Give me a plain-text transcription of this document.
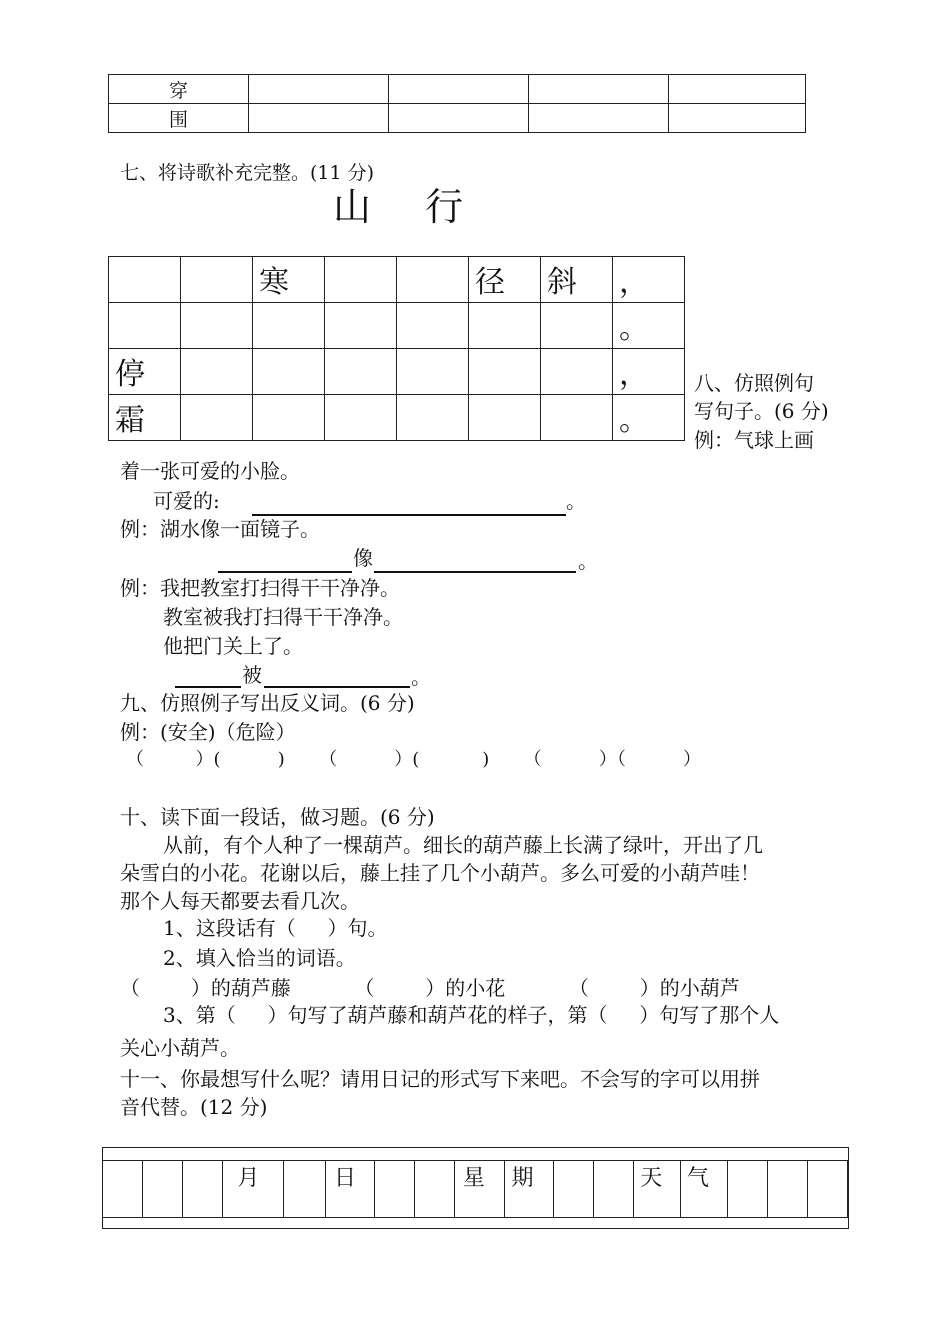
穿				
围				
七、将诗歌补充完整。(11 分)
山  行

		寒			径	斜	，

							。

停							，

霜							。
八、仿照例句
写句子。(6 分)
例：气球上画
着一张可爱的小脸。
可爱的:	。
例：湖水像一面镜子。
像	。
例：我把教室打扫得干干净净。
教室被我打扫得干干净净。
他把门关上了。
被	。
九、仿照例子写出反义词。(6 分)
例：(安全)（危险）
（         ）(          )      （          ）(           )      （          ）（          ）
十、读下面一段话，做习题。(6 分)
从前，有个人种了一棵葫芦。细长的葫芦藤上长满了绿叶，开出了几
朵雪白的小花。花谢以后，藤上挂了几个小葫芦。多么可爱的小葫芦哇！
那个人每天都要去看几次。
1、这段话有（     ）句。
2、填入恰当的词语。
（        ）的葫芦藤          （        ）的小花          （        ）的小葫芦
3、第（     ）句写了葫芦藤和葫芦花的样子，第（     ）句写了那个人
关心小葫芦。
十一、你最想写什么呢？请用日记的形式写下来吧。不会写的字可以用拼
音代替。(12 分)

			月		日			星	期			天	气				
